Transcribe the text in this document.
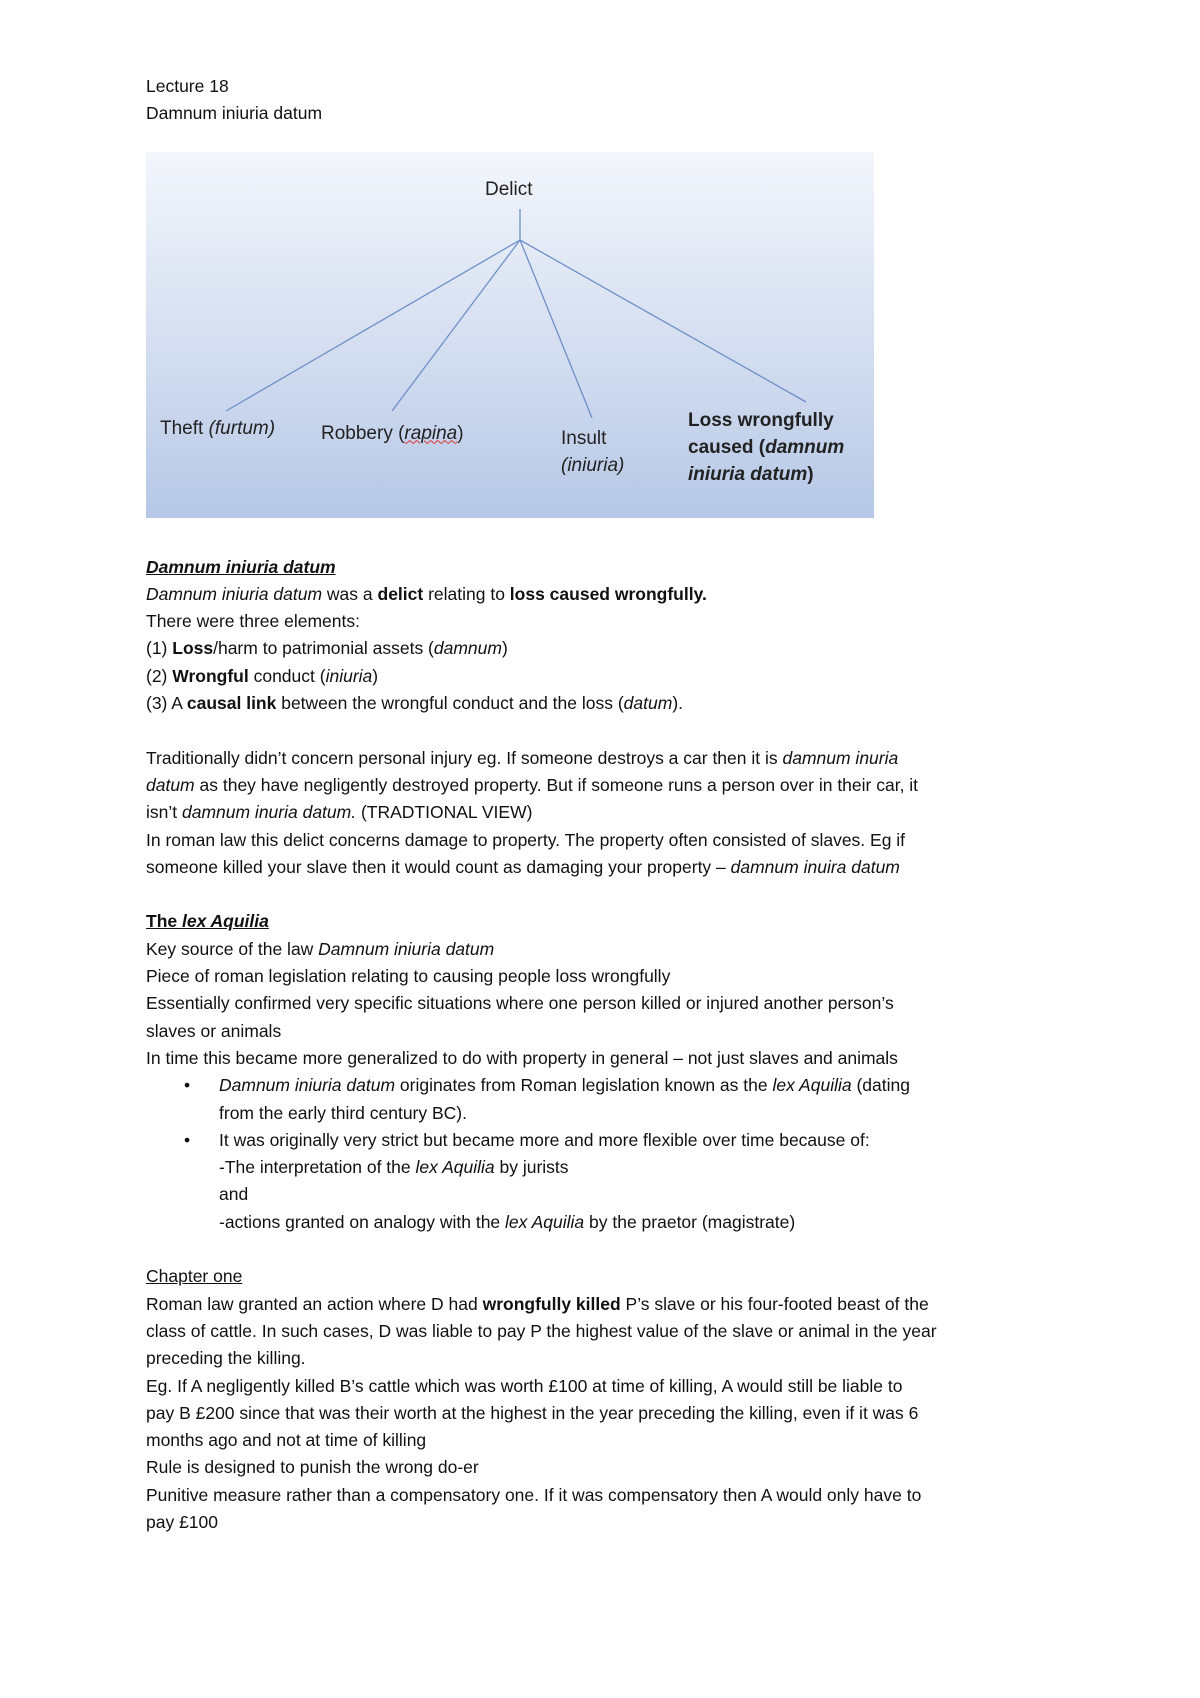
Lecture 18
Damnum iniuria datum
Delict
Theft (furtum) Robbery (rapina)	Insult
(iniuria)
Loss wrongfully
caused (damnum
iniuria datum)
Damnum iniuria datum
Damnum iniuria datum was a delict relating to loss caused wrongfully.
There were three elements:
(1) Loss/harm to patrimonial assets (damnum)
(2) Wrongful conduct (iniuria)
(3) A causal link between the wrongful conduct and the loss (datum).
Traditionally didn’t concern personal injury eg. If someone destroys a car then it is damnum inuria
datum as they have negligently destroyed property. But if someone runs a person over in their car, it
isn’t damnum inuria datum. (TRADTIONAL VIEW)
In roman law this delict concerns damage to property. The property often consisted of slaves. Eg if
someone killed your slave then it would count as damaging your property – damnum inuira datum
The lex Aquilia
Key source of the law Damnum iniuria datum
Piece of roman legislation relating to causing people loss wrongfully
Essentially confirmed very specific situations where one person killed or injured another person’s
slaves or animals
In time this became more generalized to do with property in general – not just slaves and animals
• Damnum iniuria datum originates from Roman legislation known as the lex Aquilia (dating
from the early third century BC).
• It was originally very strict but became more and more flexible over time because of:
-The interpretation of the lex Aquilia by jurists
and
-actions granted on analogy with the lex Aquilia by the praetor (magistrate)
Chapter one
Roman law granted an action where D had wrongfully killed P’s slave or his four-footed beast of the
class of cattle. In such cases, D was liable to pay P the highest value of the slave or animal in the year
preceding the killing.
Eg. If A negligently killed B’s cattle which was worth £100 at time of killing, A would still be liable to
pay B £200 since that was their worth at the highest in the year preceding the killing, even if it was 6
months ago and not at time of killing
Rule is designed to punish the wrong do-er
Punitive measure rather than a compensatory one. If it was compensatory then A would only have to
pay £100
